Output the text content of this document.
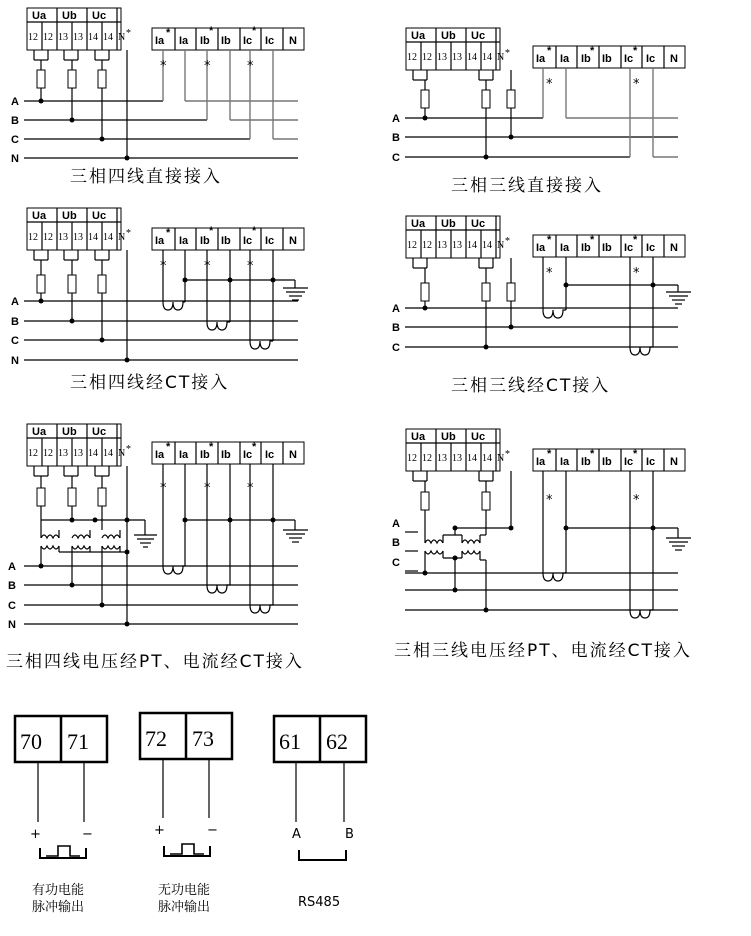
Ua Ub Uc
12 12 13 13 14 14 N *
Ia
*
Ia Ib
*
Ib Ic
*
Ic N
*	*	*
A
B
C
N
三相四线直接接入
Ua Ub Uc
12 12 13 13 14 14 N * Ia
*
Ia Ib
*
Ib Ic
*
Ic N
*	*
A
B
C
三相三线直接接入
Ua Ub Uc
12 12 13 13 14 14 N *
Ia
*
Ia Ib
*
Ib Ic
*
Ic N
*	*	*
A
B
C
N
三相四线经CT接入
Ua Ub Uc
12 12 13 13 14 14 N *
Ia
*
Ia Ib
*
Ib Ic
*
Ic N
*	*
A
B
C
三相三线经CT接入
Ua Ub Uc
12 12 13 13 14 14 N * Ia
*
Ia Ib
*
Ib Ic
*
Ic N
*	*	*
A
B
C
N
三相四线电压经PT、电流经CT接入
Ua Ub Uc
12 12 13 13 14 14 N *
Ia
*
Ia Ib
*
Ib Ic
*
Ic N
A
B
C
*	*
三相三线电压经PT、电流经CT接入
70 71
+	−
有功电能
脉冲输出
72 73
+	−
无功电能
脉冲输出
61 62
A	B
RS485
